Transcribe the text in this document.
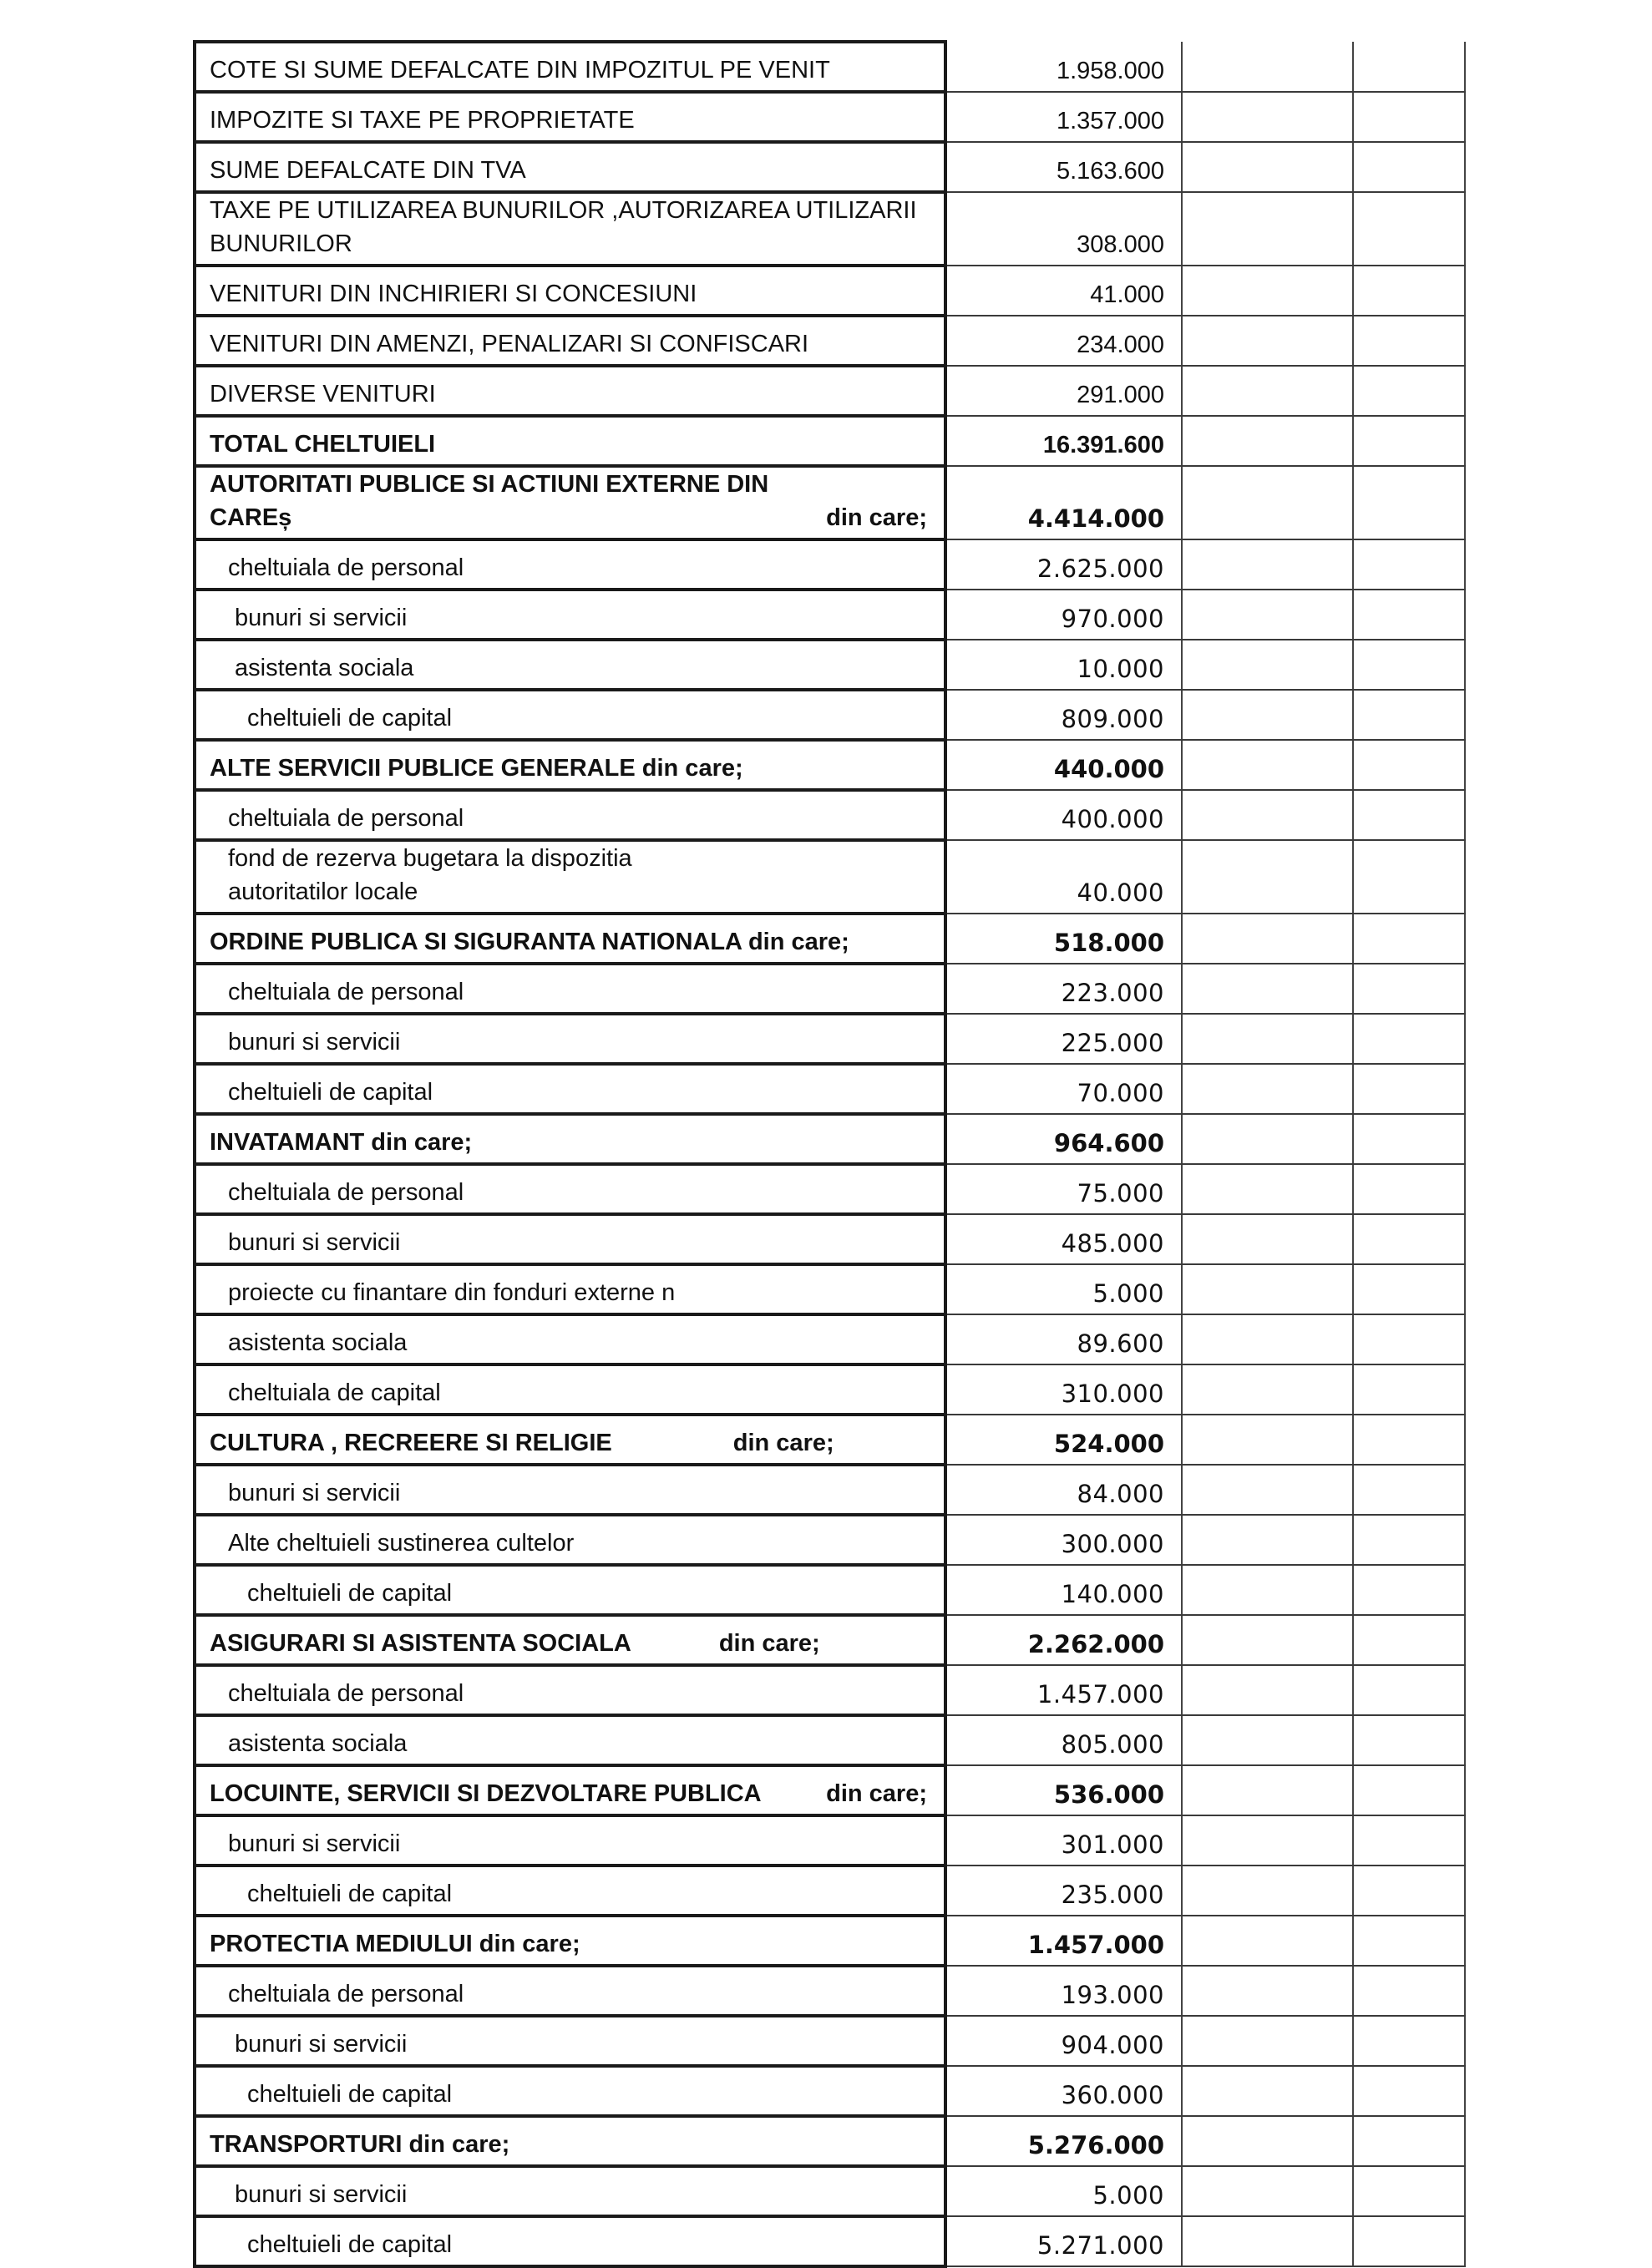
COTE SI SUME DEFALCATE DIN IMPOZITUL PE VENIT	1.958.000		
IMPOZITE SI TAXE PE PROPRIETATE	1.357.000		
SUME DEFALCATE DIN TVA	5.163.600		

TAXE PE UTILIZAREA BUNURILOR ,AUTORIZAREA UTILIZARII
BUNURILOR	308.000		
VENITURI DIN INCHIRIERI SI CONCESIUNI	41.000		
VENITURI DIN AMENZI, PENALIZARI SI CONFISCARI	234.000		
DIVERSE VENITURI	291.000		
TOTAL CHELTUIELI	16.391.600		

AUTORITATI PUBLICE SI ACTIUNI EXTERNE DIN
CAREș din care;	4.414.000		
cheltuiala de personal	2.625.000		
bunuri si servicii	970.000		
asistenta sociala	10.000		
cheltuieli de capital	809.000		
ALTE SERVICII PUBLICE GENERALE din care;	440.000		
cheltuiala de personal	400.000		

fond de rezerva bugetara la dispozitia
autoritatilor locale	40.000		
ORDINE PUBLICA SI SIGURANTA NATIONALA din care;	518.000		
cheltuiala de personal	223.000		
bunuri si servicii	225.000		
cheltuieli de capital	70.000		
INVATAMANT din care;	964.600		
cheltuiala de personal	75.000		
bunuri si servicii	485.000		
proiecte cu finantare din fonduri externe n	5.000		
asistenta sociala	89.600		
cheltuiala de capital	310.000		
CULTURA , RECREERE SI RELIGIE din care;	524.000		
bunuri si servicii	84.000		
Alte cheltuieli sustinerea cultelor	300.000		
cheltuieli de capital	140.000		
ASIGURARI SI ASISTENTA SOCIALA din care;	2.262.000		
cheltuiala de personal	1.457.000		
asistenta sociala	805.000		

LOCUINTE, SERVICII SI DEZVOLTARE PUBLICA din care;	536.000		
bunuri si servicii	301.000		
cheltuieli de capital	235.000		
PROTECTIA MEDIULUI din care;	1.457.000		
cheltuiala de personal	193.000		
bunuri si servicii	904.000		
cheltuieli de capital	360.000		
TRANSPORTURI din care;	5.276.000		
bunuri si servicii	5.000		
cheltuieli de capital	5.271.000		
